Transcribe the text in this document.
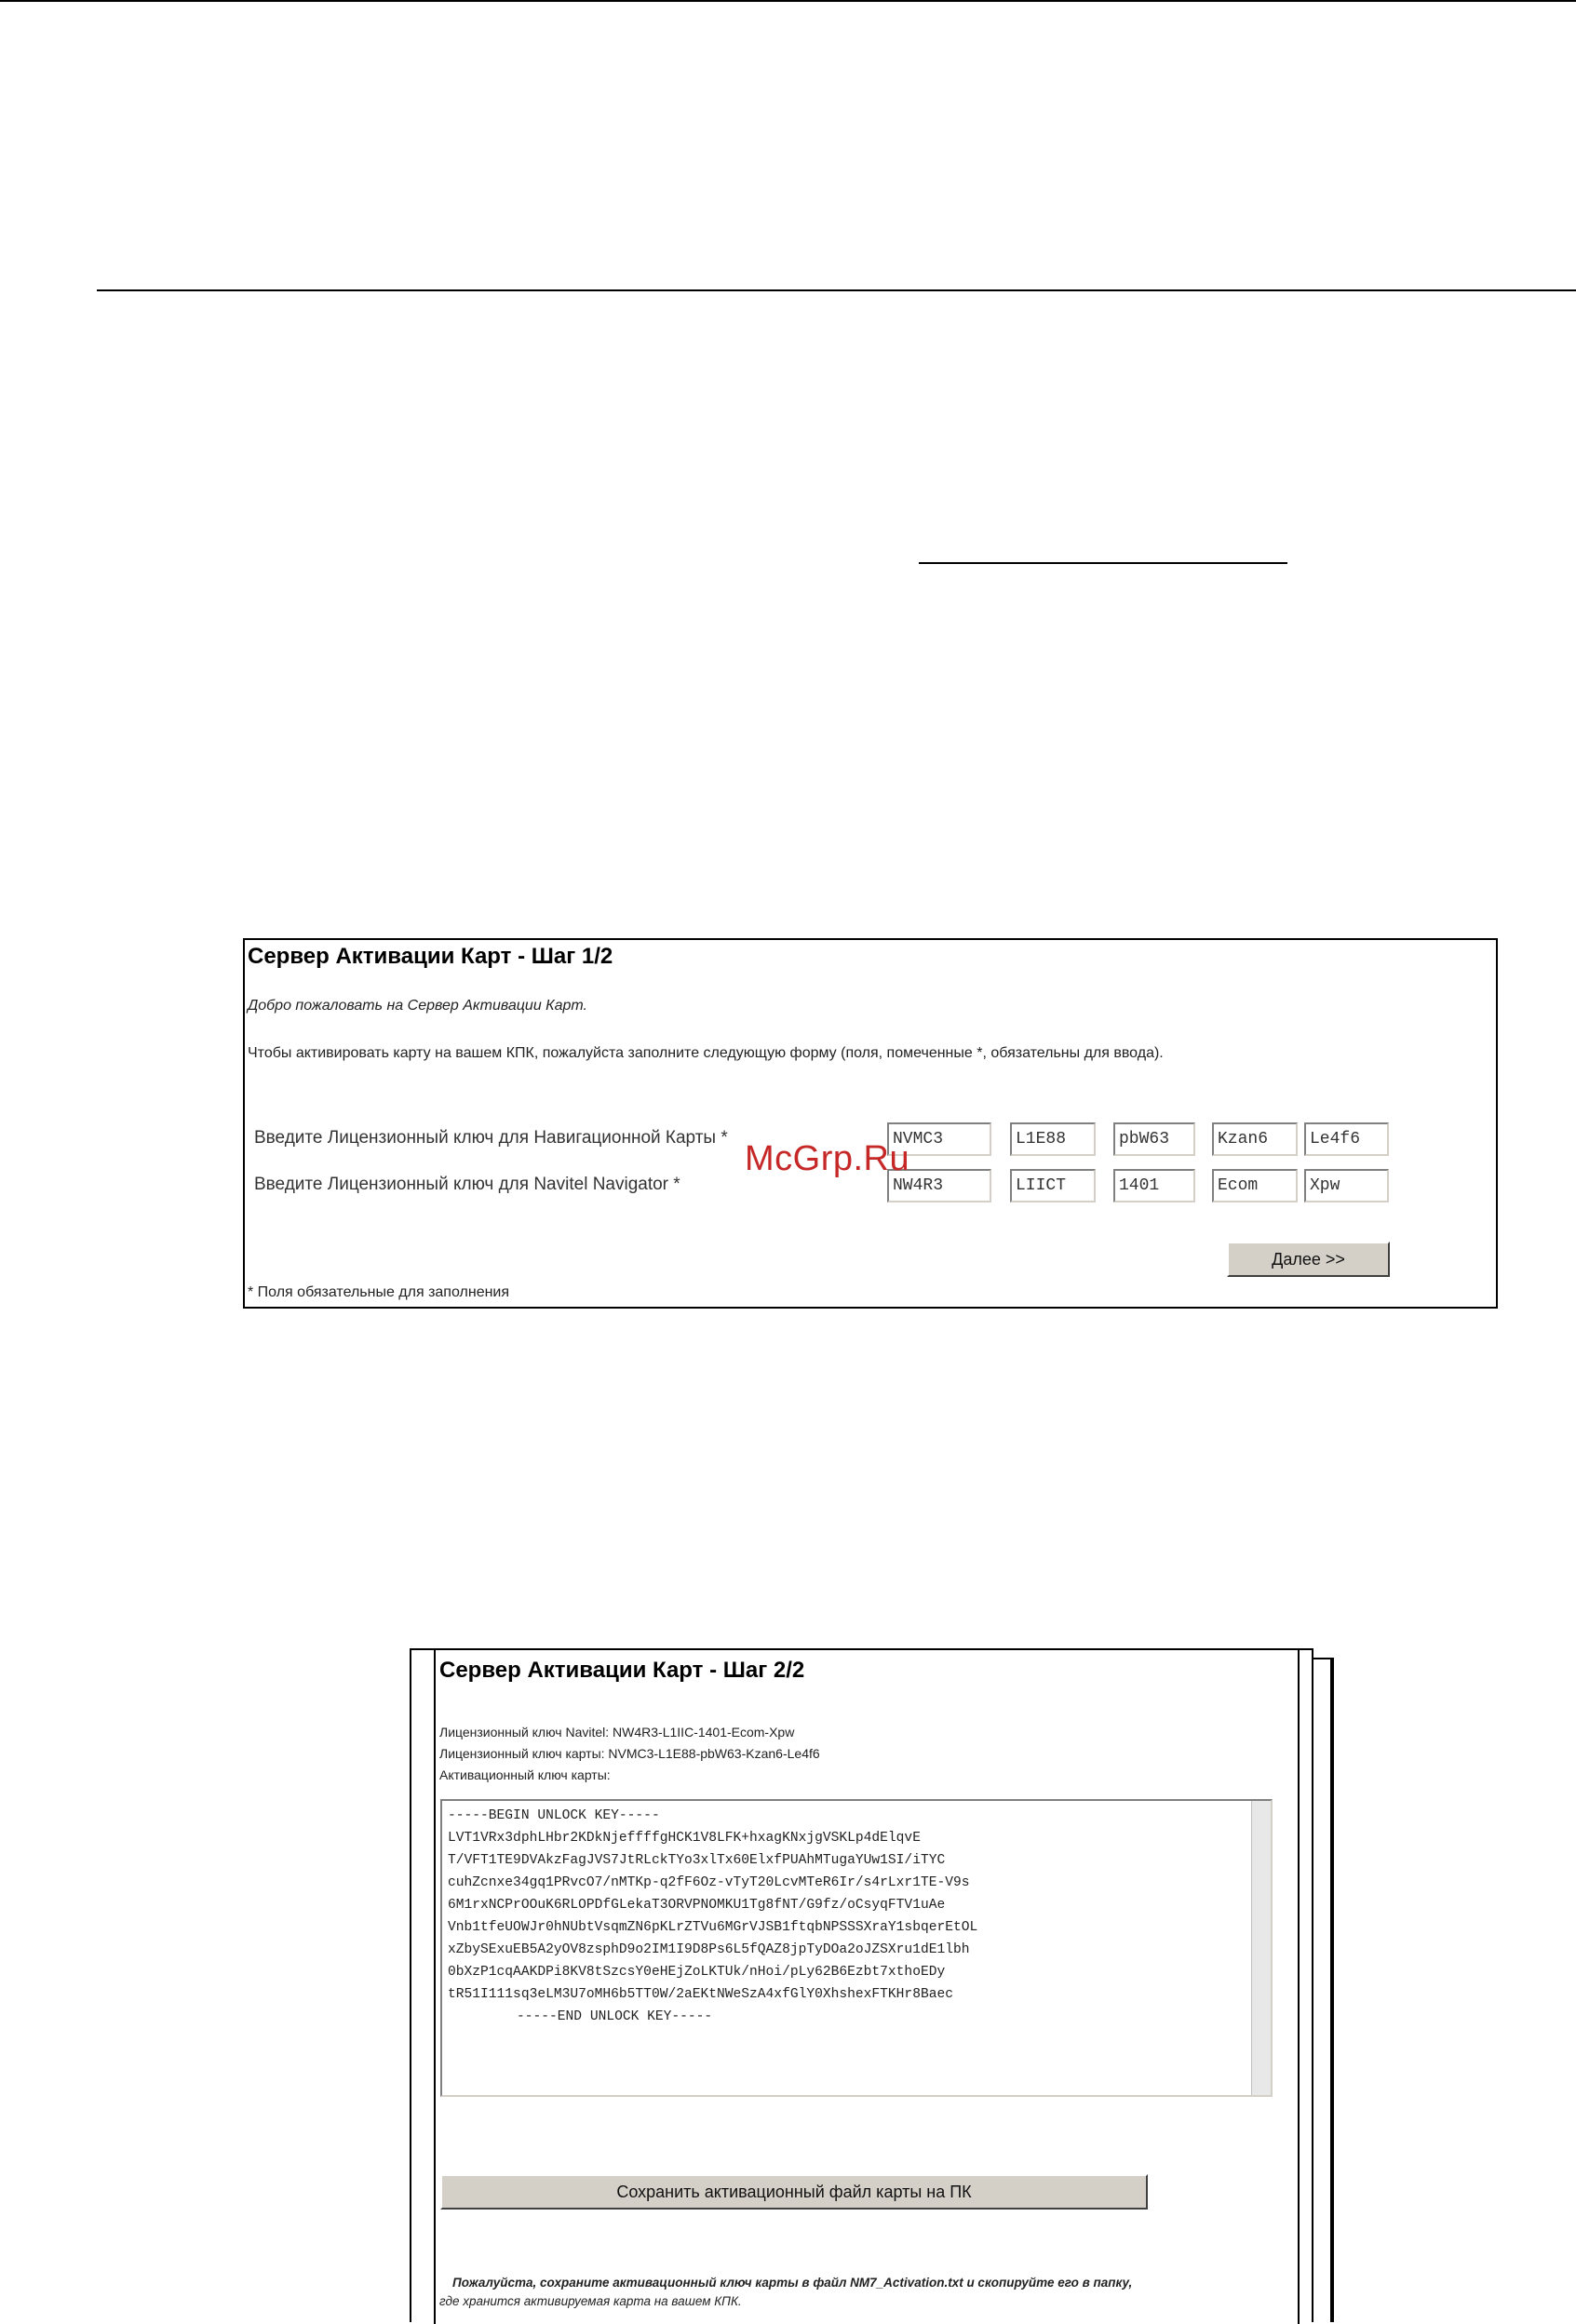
Сервер Активации Карт - Шаг 1/2
Добро пожаловать на Сервер Активации Карт.
Чтобы активировать карту на вашем КПК, пожалуйста заполните следующую форму (поля, помеченные *, обязательны для ввода).
Введите Лицензионный ключ для Навигационной Карты *	NVMC3	L1E88	pbW63	Kzan6	Le4f6
Введите Лицензионный ключ для Navitel Navigator *	NW4R3	LIICT	1401	Ecom	Xpw
Далее >>
* Поля обязательные для заполнения
McGrp.Ru
Сервер Активации Карт - Шаг 2/2
Лицензионный ключ Navitel: NW4R3-L1IIC-1401-Ecom-Xpw
Лицензионный ключ карты: NVMC3-L1E88-pbW63-Kzan6-Le4f6
Активационный ключ карты:
-----BEGIN UNLOCK KEY-----
LVT1VRx3dphLHbr2KDkNjeffffgHCK1V8LFK+hxagKNxjgVSKLp4dElqvE
T/VFT1TE9DVAkzFagJVS7JtRLckTYo3xlTx60ElxfPUAhMTugaYUw1SI/iTYC
cuhZcnxe34gq1PRvcO7/nMTKp-q2fF6Oz-vTyT20LcvMTeR6Ir/s4rLxr1TE-V9s
6M1rxNCPrOOuK6RLOPDfGLekaT3ORVPNOMKU1Tg8fNT/G9fz/oCsyqFTV1uAe
Vnb1tfeUOWJr0hNUbtVsqmZN6pKLrZTVu6MGrVJSB1ftqbNPSSSXraY1sbqerEtOL
xZbySExuEB5A2yOV8zsphD9o2IM1I9D8Ps6L5fQAZ8jpTyDOa2oJZSXru1dE1lbh
0bXzP1cqAAKDPi8KV8tSzcsY0eHEjZoLKTUk/nHoi/pLy62B6Ezbt7xthoEDy
tR51I111sq3eLM3U7oMH6b5TT0W/2aEKtNWeSzA4xfGlY0XhshexFTKHr8Baec
-----END UNLOCK KEY-----
Сохранить активационный файл карты на ПК
Пожалуйста, сохраните активационный ключ карты в файл NM7_Activation.txt и скопируйте его в папку,
где хранится активируемая карта на вашем КПК.
